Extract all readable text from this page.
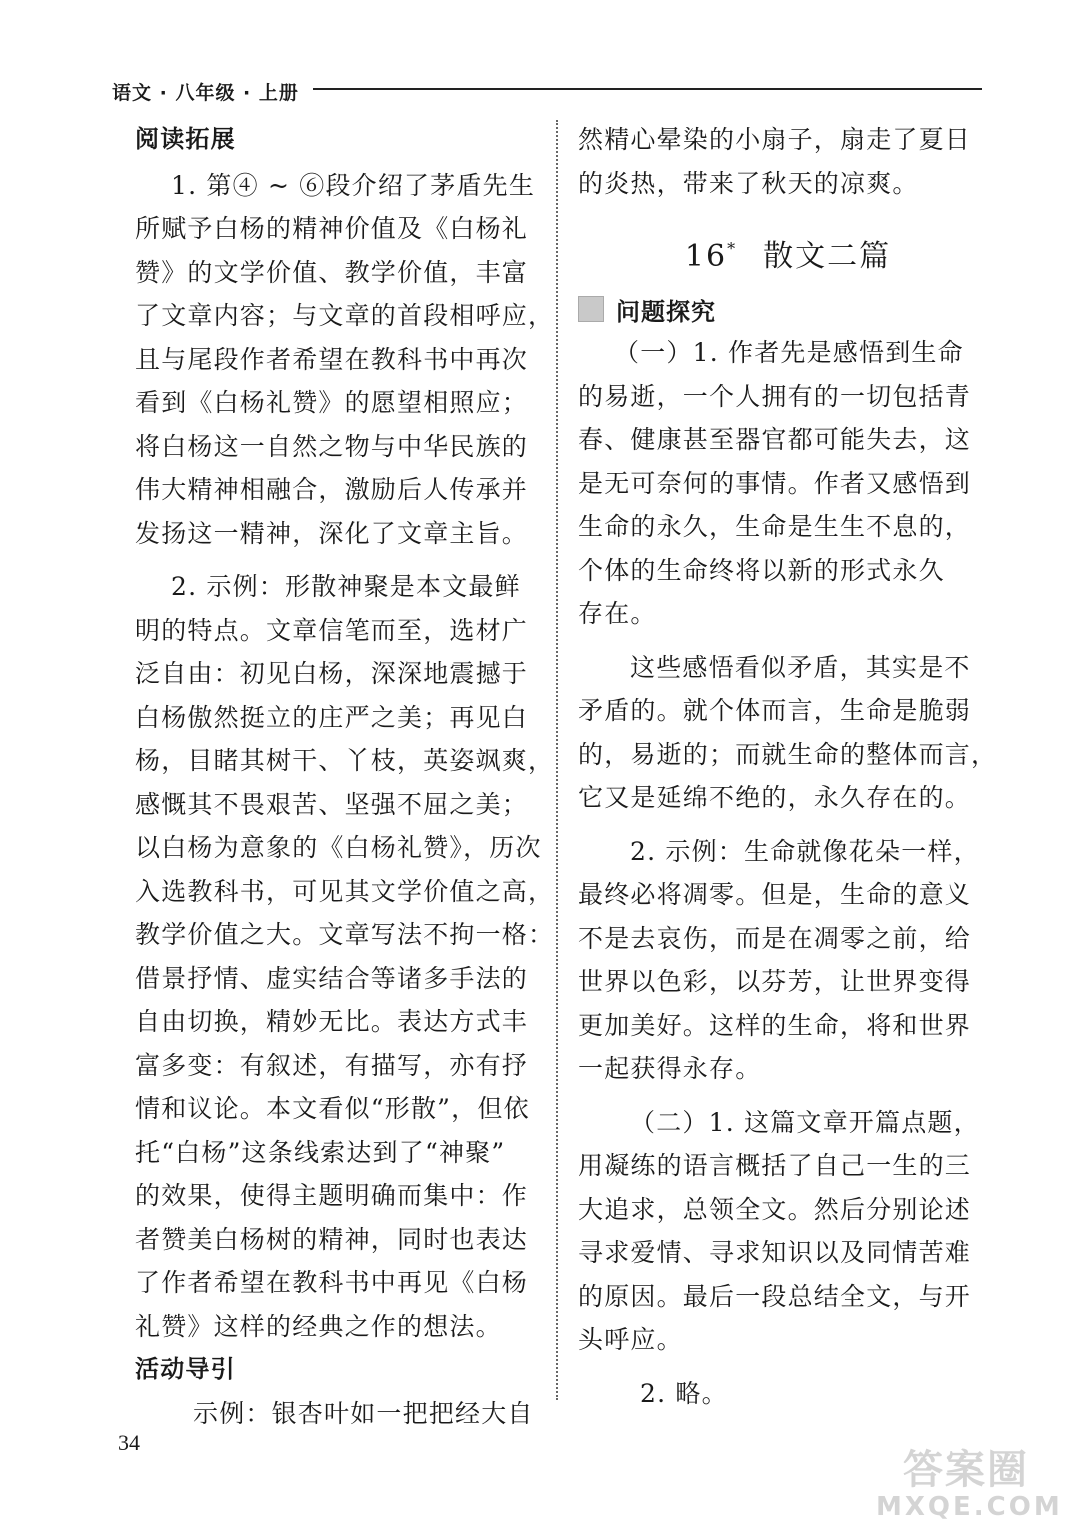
语文 · 八年级 · 上册
阅读拓展
1. 第④ ~ ⑥段介绍了茅盾先生
所赋予白杨的精神价值及《白杨礼
赞》的文学价值、教学价值，丰富
了文章内容；与文章的首段相呼应，
且与尾段作者希望在教科书中再次
看到《白杨礼赞》的愿望相照应；
将白杨这一自然之物与中华民族的
伟大精神相融合，激励后人传承并
发扬这一精神，深化了文章主旨。
2. 示例：形散神聚是本文最鲜
明的特点。文章信笔而至，选材广
泛自由：初见白杨，深深地震撼于
白杨傲然挺立的庄严之美；再见白
杨，目睹其树干、丫枝，英姿飒爽，
感慨其不畏艰苦、坚强不屈之美；
以白杨为意象的《白杨礼赞》，历次
入选教科书，可见其文学价值之高，
教学价值之大。文章写法不拘一格：
借景抒情、虚实结合等诸多手法的
自由切换，精妙无比。表达方式丰
富多变：有叙述，有描写，亦有抒
情和议论。本文看似“形散”，但依
托“白杨”这条线索达到了“神聚”
的效果，使得主题明确而集中：作
者赞美白杨树的精神，同时也表达
了作者希望在教科书中再见《白杨
礼赞》这样的经典之作的想法。
活动导引
示例：银杏叶如一把把经大自
然精心晕染的小扇子，扇走了夏日
的炎热，带来了秋天的凉爽。
16* 散文二篇
问题探究
（一）1. 作者先是感悟到生命
的易逝，一个人拥有的一切包括青
春、健康甚至器官都可能失去，这
是无可奈何的事情。作者又感悟到
生命的永久，生命是生生不息的，
个体的生命终将以新的形式永久
存在。
这些感悟看似矛盾，其实是不
矛盾的。就个体而言，生命是脆弱
的，易逝的；而就生命的整体而言，
它又是延绵不绝的，永久存在的。
2. 示例：生命就像花朵一样，
最终必将凋零。但是，生命的意义
不是去哀伤，而是在凋零之前，给
世界以色彩，以芬芳，让世界变得
更加美好。这样的生命，将和世界
一起获得永存。
（二）1. 这篇文章开篇点题，
用凝练的语言概括了自己一生的三
大追求，总领全文。然后分别论述
寻求爱情、寻求知识以及同情苦难
的原因。最后一段总结全文，与开
头呼应。
2. 略。
34
答案圈
MXQE.COM
